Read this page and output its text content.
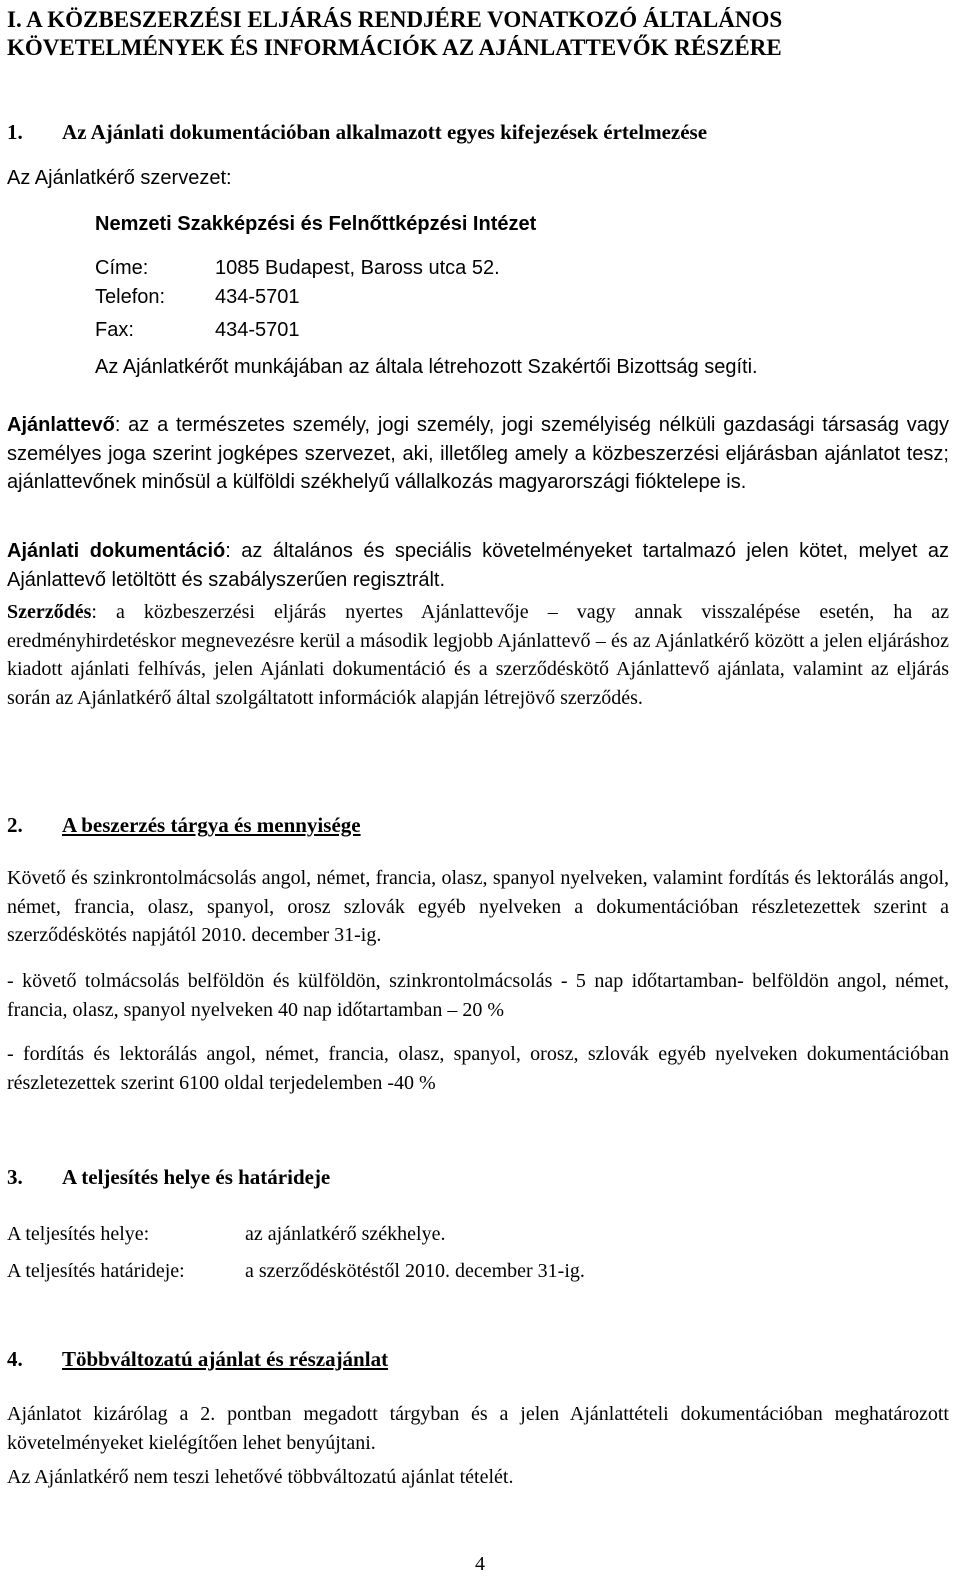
I. A KÖZBESZERZÉSI ELJÁRÁS RENDJÉRE VONATKOZÓ ÁLTALÁNOS KÖVETELMÉNYEK ÉS INFORMÁCIÓK AZ AJÁNLATTEVŐK RÉSZÉRE
1. Az Ajánlati dokumentációban alkalmazott egyes kifejezések értelmezése

Az Ajánlatkérő szervezet:

Nemzeti Szakképzési és Felnőttképzési Intézet

Címe:	1085 Budapest, Baross utca 52.

Telefon: 434-5701

Fax:	434-5701

Az Ajánlatkérőt munkájában az általa létrehozott Szakértői Bizottság segíti.

Ajánlattevő: az a természetes személy, jogi személy, jogi személyiség nélküli gazdasági társaság vagy személyes joga szerint jogképes szervezet, aki, illetőleg amely a közbeszerzési eljárásban ajánlatot tesz; ajánlattevőnek minősül a külföldi székhelyű vállalkozás magyarországi fióktelepe is.

Ajánlati dokumentáció: az általános és speciális követelményeket tartalmazó jelen kötet, melyet az Ajánlattevő letöltött és szabályszerűen regisztrált.

Szerződés: a közbeszerzési eljárás nyertes Ajánlattevője – vagy annak visszalépése esetén, ha az eredményhirdetéskor megnevezésre kerül a második legjobb Ajánlattevő – és az Ajánlatkérő között a jelen eljáráshoz kiadott ajánlati felhívás, jelen Ajánlati dokumentáció és a szerződéskötő Ajánlattevő ajánlata, valamint az eljárás során az Ajánlatkérő által szolgáltatott információk alapján létrejövő szerződés.

2. A beszerzés tárgya és mennyisége

Követő és szinkrontolmácsolás angol, német, francia, olasz, spanyol nyelveken, valamint fordítás és lektorálás angol, német, francia, olasz, spanyol, orosz szlovák egyéb nyelveken a dokumentációban részletezettek szerint a szerződéskötés napjától 2010. december 31-ig.

- követő tolmácsolás belföldön és külföldön, szinkrontolmácsolás - 5 nap időtartamban- belföldön angol, német, francia, olasz, spanyol nyelveken 40 nap időtartamban – 20 %

- fordítás és lektorálás angol, német, francia, olasz, spanyol, orosz, szlovák egyéb nyelveken dokumentációban részletezettek szerint 6100 oldal terjedelemben -40 %

3. A teljesítés helye és határideje

A teljesítés helye:	az ajánlatkérő székhelye.

A teljesítés határideje:	a szerződéskötéstől 2010. december 31-ig.

4. Többváltozatú ajánlat és részajánlat

Ajánlatot kizárólag a 2. pontban megadott tárgyban és a jelen Ajánlattételi dokumentációban meghatározott követelményeket kielégítően lehet benyújtani.

Az Ajánlatkérő nem teszi lehetővé többváltozatú ajánlat tételét.

4
